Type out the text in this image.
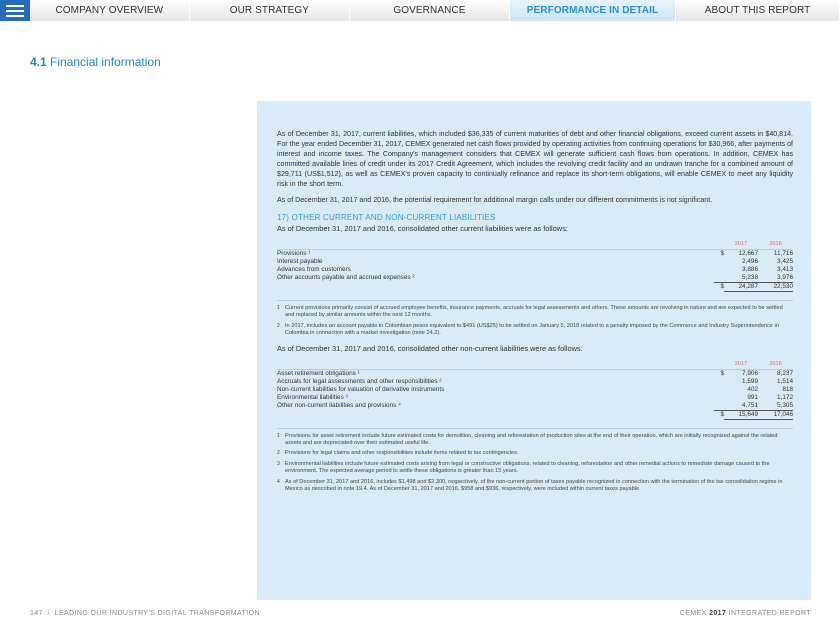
COMPANY OVERVIEW	OUR STRATEGY	GOVERNANCE	PERFORMANCE IN DETAIL	ABOUT THIS REPORT
4.1 Financial information

As of December 31, 2017, current liabilities, which included $36,335 of current maturities of debt and other financial obligations, exceed current assets in $40,814. For the year ended December 31, 2017, CEMEX generated net cash flows provided by operating activities from continuing operations for $30,966, after payments of interest and income taxes. The Company's management considers that CEMEX will generate sufficient cash flows from operations. In addition, CEMEX has committed available lines of credit under its 2017 Credit Agreement, which includes the revolving credit facility and an undrawn tranche for a combined amount of $29,711 (US$1,512), as well as CEMEX's proven capacity to continually refinance and replace its short-term obligations, will enable CEMEX to meet any liquidity risk in the short term.

As of December 31, 2017 and 2016, the potential requirement for additional margin calls under our different commitments is not significant.

17) OTHER CURRENT AND NON-CURRENT LIABILITIES
As of December 31, 2017 and 2016, consolidated other current liabilities were as follows:
		2017	2016
Provisions ¹	$	12,667	11,716
Interest payable		2,496	3,425
Advances from customers		3,886	3,413
Other accounts payable and accrued expenses ²		5,238	3,976
	$	24,287	22,530
1 Current provisions primarily consist of accrued employee benefits, insurance payments, accruals for legal assessments and others. These amounts are revolving in nature and are expected to be settled and replaced by similar amounts within the next 12 months.
2 In 2017, includes an account payable in Colombian pesos equivalent to $491 (US$25) to be settled on January 5, 2018 related to a penalty imposed by the Commerce and Industry Superintendence in Colombia in connection with a market investigation (note 24.2).
As of December 31, 2017 and 2016, consolidated other non-current liabilities were as follows:
		2017	2016
Asset retirement obligations ¹	$	7,906	8,237
Accruals for legal assessments and other responsibilities ²		1,599	1,514
Non-current liabilities for valuation of derivative instruments		402	818
Environmental liabilities ³		991	1,172
Other non-current liabilities and provisions ⁴		4,751	5,305
	$	15,649	17,046
1 Provisions for asset retirement include future estimated costs for demolition, cleaning and reforestation of production sites at the end of their operation, which are initially recognized against the related assets and are depreciated over their estimated useful life.
2 Provisions for legal claims and other responsibilities include items related to tax contingencies.
3 Environmental liabilities include future estimated costs arising from legal or constructive obligations, related to cleaning, reforestation and other remedial actions to remediate damage caused to the environment. The expected average period to settle these obligations is greater than 15 years.
4 As of December 31, 2017 and 2016, includes $1,498 and $2,300, respectively, of the non-current portion of taxes payable recognized in connection with the termination of the tax consolidation regime in Mexico as described in note 19.4. As of December 31, 2017 and 2016, $958 and $936, respectively, were included within current taxes payable.
147  /  LEADING OUR INDUSTRY'S DIGITAL TRANSFORMATION	CEMEX 2017 INTEGRATED REPORT
